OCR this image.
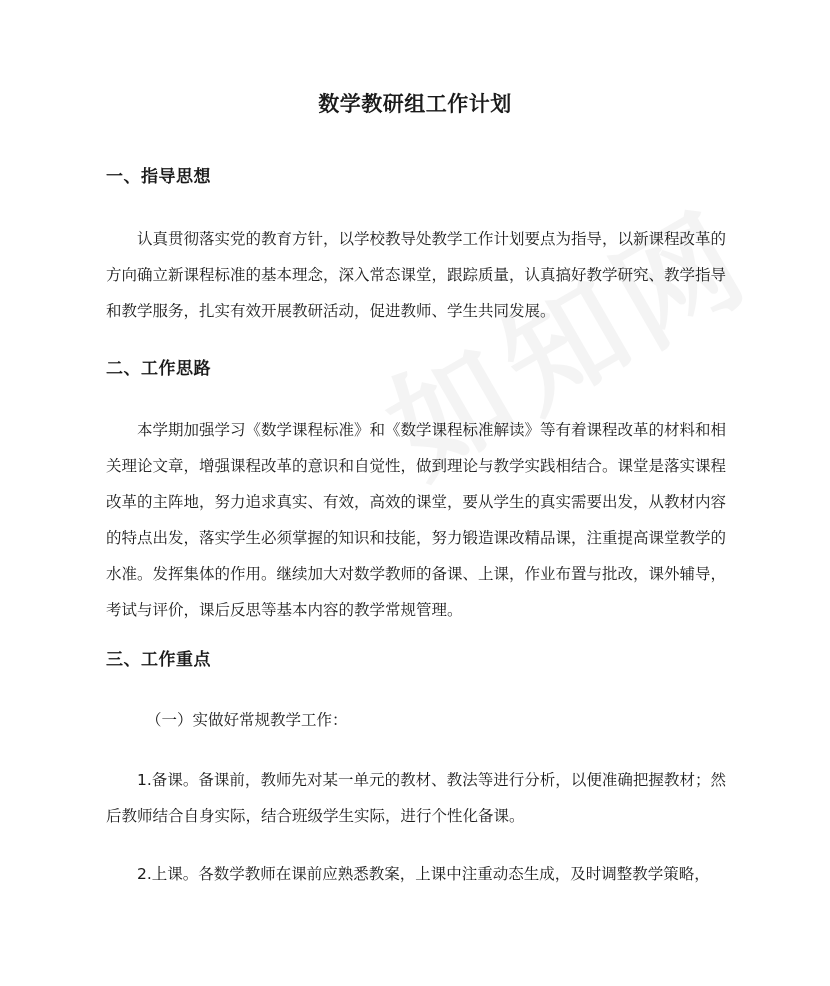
数学教研组工作计划
一、指导思想

认真贯彻落实党的教育方针，以学校教导处教学工作计划要点为指导，以新课程改革的方向确立新课程标准的基本理念，深入常态课堂，跟踪质量，认真搞好教学研究、教学指导和教学服务，扎实有效开展教研活动，促进教师、学生共同发展。

二、工作思路

本学期加强学习《数学课程标准》和《数学课程标准解读》等有着课程改革的材料和相关理论文章，增强课程改革的意识和自觉性，做到理论与教学实践相结合。课堂是落实课程改革的主阵地，努力追求真实、有效，高效的课堂，要从学生的真实需要出发，从教材内容的特点出发，落实学生必须掌握的知识和技能，努力锻造课改精品课，注重提高课堂教学的水准。发挥集体的作用。继续加大对数学教师的备课、上课，作业布置与批改，课外辅导，考试与评价，课后反思等基本内容的教学常规管理。

三、工作重点

（一）实做好常规教学工作：

1.备课。备课前，教师先对某一单元的教材、教法等进行分析，以便准确把握教材；然后教师结合自身实际，结合班级学生实际，进行个性化备课。

2.上课。各数学教师在课前应熟悉教案，上课中注重动态生成，及时调整教学策略，
